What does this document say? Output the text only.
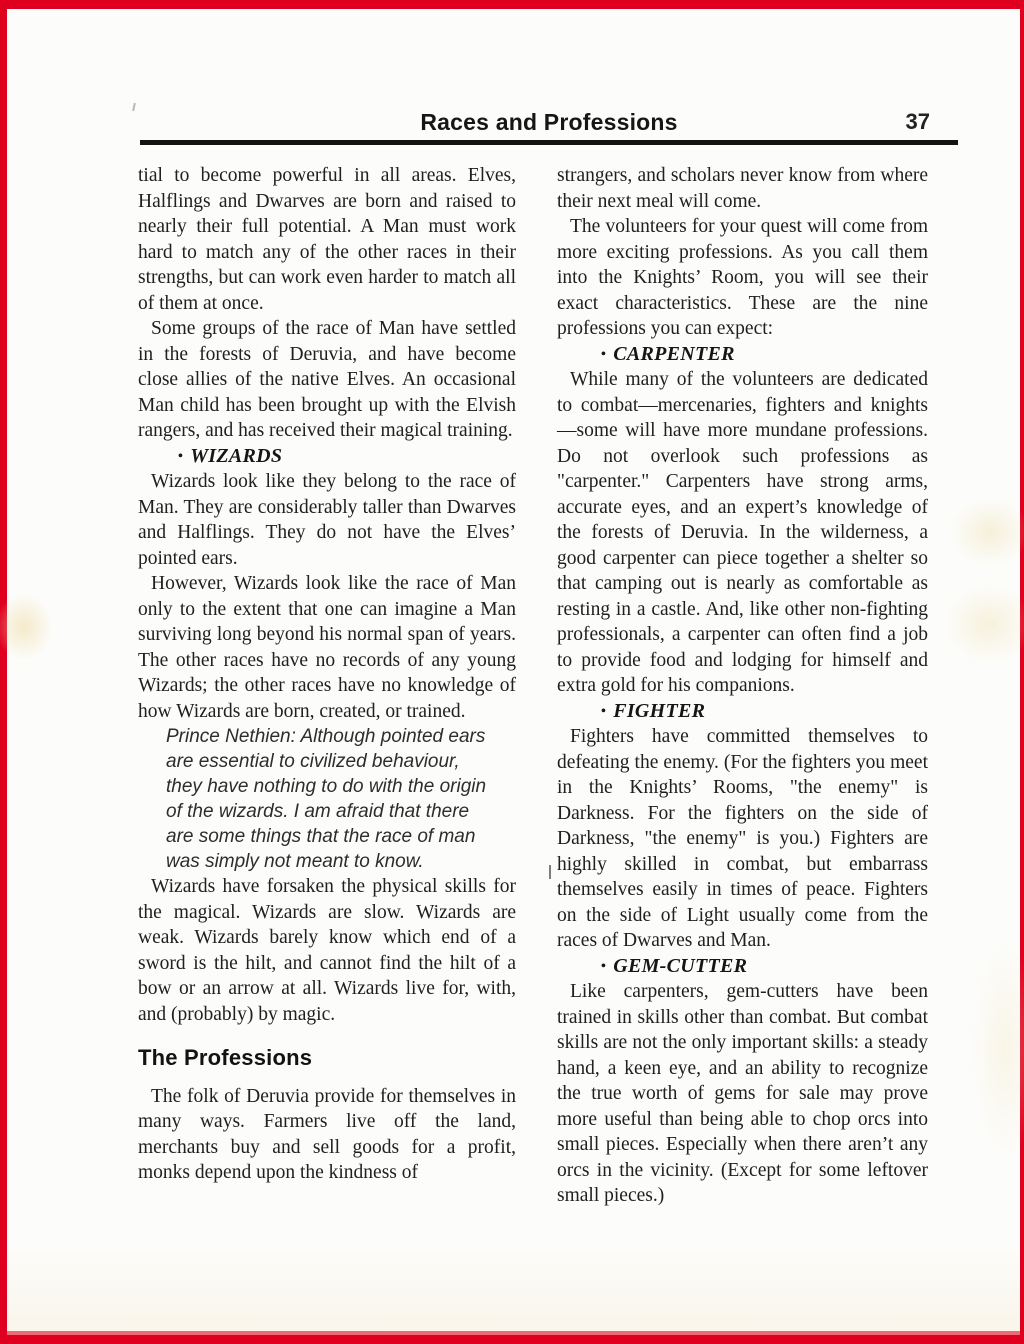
Races and Professions	37

tial to become powerful in all areas. Elves, Halflings and Dwarves are born and raised to nearly their full potential. A Man must work hard to match any of the other races in their strengths, but can work even harder to match all of them at once.

Some groups of the race of Man have settled in the forests of Deruvia, and have become close allies of the native Elves. An occasional Man child has been brought up with the Elvish rangers, and has received their magical training.

• WIZARDS

Wizards look like they belong to the race of Man. They are considerably taller than Dwarves and Halflings. They do not have the Elves’ pointed ears.

However, Wizards look like the race of Man only to the extent that one can imagine a Man surviving long beyond his normal span of years. The other races have no records of any young Wizards; the other races have no knowledge of how Wizards are born, created, or trained.

Prince Nethien: Although pointed ears are essential to civilized behaviour, they have nothing to do with the origin of the wizards. I am afraid that there are some things that the race of man was simply not meant to know.

Wizards have forsaken the physical skills for the magical. Wizards are slow. Wizards are weak. Wizards barely know which end of a sword is the hilt, and cannot find the hilt of a bow or an arrow at all. Wizards live for, with, and (probably) by magic.

The Professions

The folk of Deruvia provide for themselves in many ways. Farmers live off the land, merchants buy and sell goods for a profit, monks depend upon the kindness of

strangers, and scholars never know from where their next meal will come.

The volunteers for your quest will come from more exciting professions. As you call them into the Knights’ Room, you will see their exact characteristics. These are the nine professions you can expect:

• CARPENTER

While many of the volunteers are dedicated to combat—mercenaries, fighters and knights—some will have more mundane professions. Do not overlook such professions as "carpenter." Carpenters have strong arms, accurate eyes, and an expert’s knowledge of the forests of Deruvia. In the wilderness, a good carpenter can piece together a shelter so that camping out is nearly as comfortable as resting in a castle. And, like other non-fighting professionals, a carpenter can often find a job to provide food and lodging for himself and extra gold for his companions.

• FIGHTER

Fighters have committed themselves to defeating the enemy. (For the fighters you meet in the Knights’ Rooms, "the enemy" is Darkness. For the fighters on the side of Darkness, "the enemy" is you.) Fighters are highly skilled in combat, but embarrass themselves easily in times of peace. Fighters on the side of Light usually come from the races of Dwarves and Man.

• GEM-CUTTER

Like carpenters, gem-cutters have been trained in skills other than combat. But combat skills are not the only important skills: a steady hand, a keen eye, and an ability to recognize the true worth of gems for sale may prove more useful than being able to chop orcs into small pieces. Especially when there aren’t any orcs in the vicinity. (Except for some leftover small pieces.)
